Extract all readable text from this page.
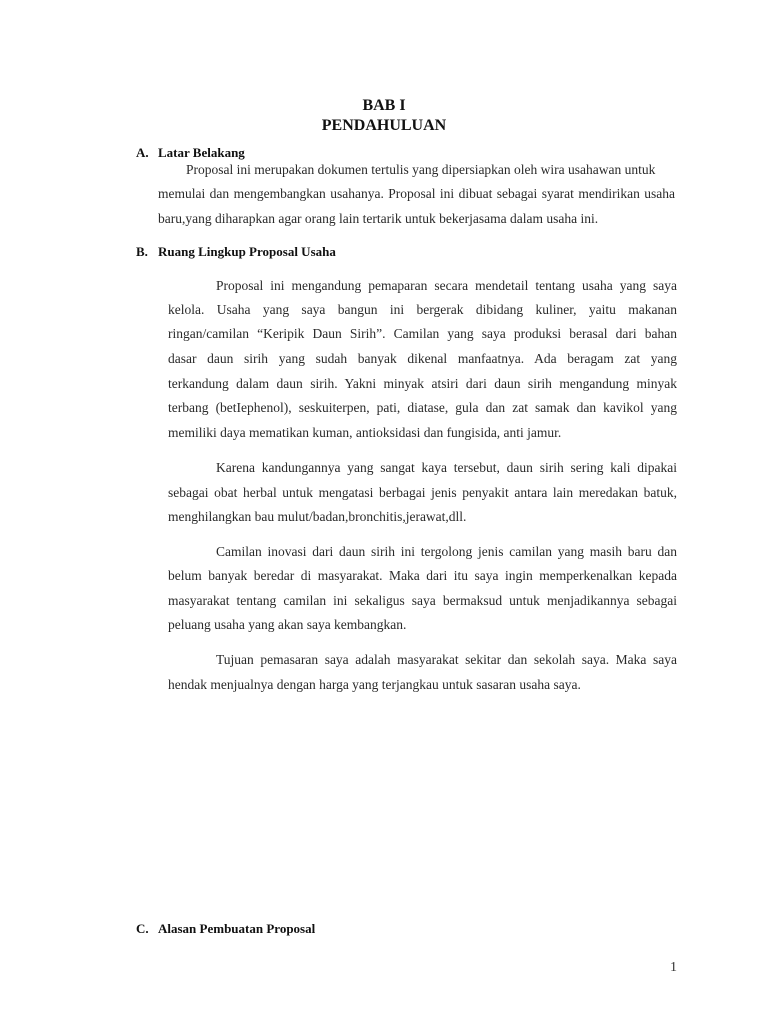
BAB I
PENDAHULUAN
A. Latar Belakang
Proposal ini merupakan dokumen tertulis yang dipersiapkan oleh wira usahawan untuk
memulai dan mengembangkan usahanya. Proposal ini dibuat sebagai syarat mendirikan usaha
baru,yang diharapkan agar orang lain tertarik untuk bekerjasama dalam usaha ini.
B. Ruang Lingkup Proposal Usaha
Proposal ini mengandung pemaparan secara mendetail tentang usaha yang saya
kelola. Usaha yang saya bangun ini bergerak dibidang kuliner, yaitu makanan
ringan/camilan “Keripik Daun Sirih”. Camilan yang saya produksi berasal dari bahan
dasar daun sirih yang sudah banyak dikenal manfaatnya. Ada beragam zat yang
terkandung dalam daun sirih. Yakni minyak atsiri dari daun sirih mengandung minyak
terbang (betIephenol), seskuiterpen, pati, diatase, gula dan zat samak dan kavikol yang
memiliki daya mematikan kuman, antioksidasi dan fungisida, anti jamur.
Karena kandungannya yang sangat kaya tersebut, daun sirih sering kali dipakai
sebagai obat herbal untuk mengatasi berbagai jenis penyakit antara lain meredakan batuk,
menghilangkan bau mulut/badan,bronchitis,jerawat,dll.
Camilan inovasi dari daun sirih ini tergolong jenis camilan yang masih baru dan
belum banyak beredar di masyarakat. Maka dari itu saya ingin memperkenalkan kepada
masyarakat tentang camilan ini sekaligus saya bermaksud untuk menjadikannya sebagai
peluang usaha yang akan saya kembangkan.
Tujuan pemasaran saya adalah masyarakat sekitar dan sekolah saya. Maka saya
hendak menjualnya dengan harga yang terjangkau untuk sasaran usaha saya.
C. Alasan Pembuatan Proposal
1
